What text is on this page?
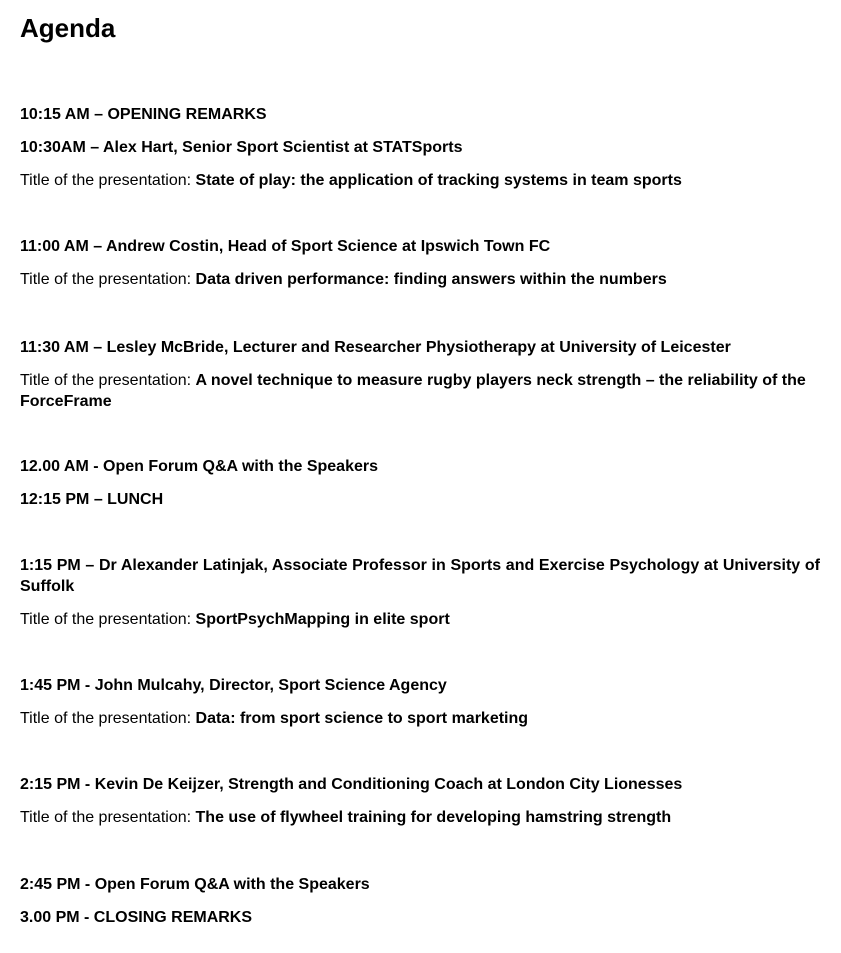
Agenda
10:15 AM – OPENING REMARKS
10:30AM – Alex Hart, Senior Sport Scientist at STATSports
Title of the presentation: State of play: the application of tracking systems in team sports
11:00 AM – Andrew Costin, Head of Sport Science at Ipswich Town FC
Title of the presentation: Data driven performance: finding answers within the numbers
11:30 AM – Lesley McBride, Lecturer and Researcher Physiotherapy at University of Leicester
Title of the presentation: A novel technique to measure rugby players neck strength – the reliability of the ForceFrame
12.00 AM - Open Forum Q&A with the Speakers
12:15 PM – LUNCH
1:15 PM – Dr Alexander Latinjak, Associate Professor in Sports and Exercise Psychology at University of Suffolk
Title of the presentation: SportPsychMapping in elite sport
1:45 PM - John Mulcahy, Director, Sport Science Agency
Title of the presentation: Data: from sport science to sport marketing
2:15 PM - Kevin De Keijzer, Strength and Conditioning Coach at London City Lionesses
Title of the presentation: The use of flywheel training for developing hamstring strength
2:45 PM - Open Forum Q&A with the Speakers
3.00 PM - CLOSING REMARKS
